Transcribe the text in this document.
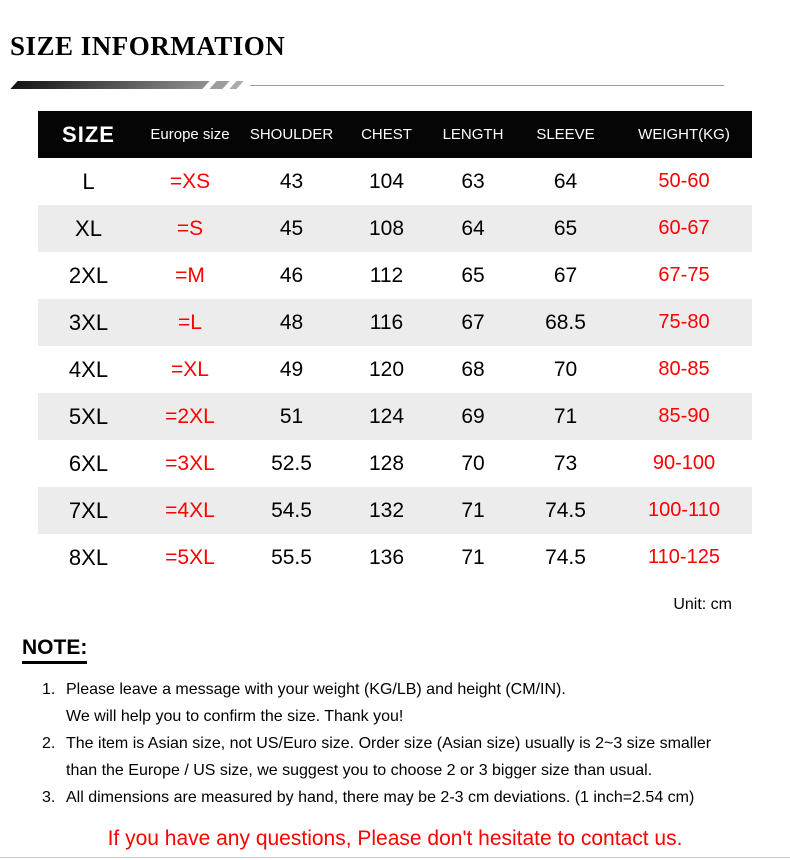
SIZE INFORMATION
SIZE	Europe size	SHOULDER	CHEST	LENGTH	SLEEVE	WEIGHT(KG)
L	=XS	43	104	63	64	50-60
XL	=S	45	108	64	65	60-67
2XL	=M	46	112	65	67	67-75
3XL	=L	48	116	67	68.5	75-80
4XL	=XL	49	120	68	70	80-85
5XL	=2XL	51	124	69	71	85-90
6XL	=3XL	52.5	128	70	73	90-100
7XL	=4XL	54.5	132	71	74.5	100-110
8XL	=5XL	55.5	136	71	74.5	110-125
Unit: cm
NOTE:
1. Please leave a message with your weight (KG/LB) and height (CM/IN).
We will help you to confirm the size. Thank you!
2. The item is Asian size, not US/Euro size. Order size (Asian size) usually is 2~3 size smaller
than the Europe / US size, we suggest you to choose 2 or 3 bigger size than usual.
3. All dimensions are measured by hand, there may be 2-3 cm deviations. (1 inch=2.54 cm)
If you have any questions, Please don't hesitate to contact us.
